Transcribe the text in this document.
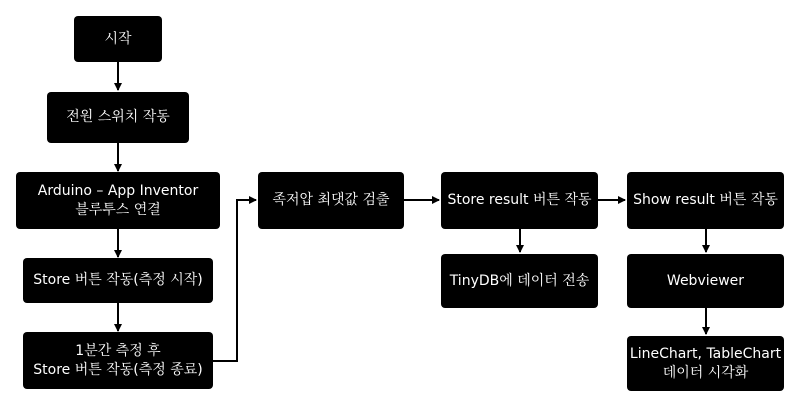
시작
전원 스위치 작동
Arduino – App Inventor
블루투스 연결
Store 버튼 작동(측정 시작)
1분간 측정 후
Store 버튼 작동(측정 종료)
족저압 최댓값 검출	Store result 버튼 작동
TinyDB에 데이터 전송
Show result 버튼 작동
Webviewer
LineChart, TableChart
데이터 시각화
